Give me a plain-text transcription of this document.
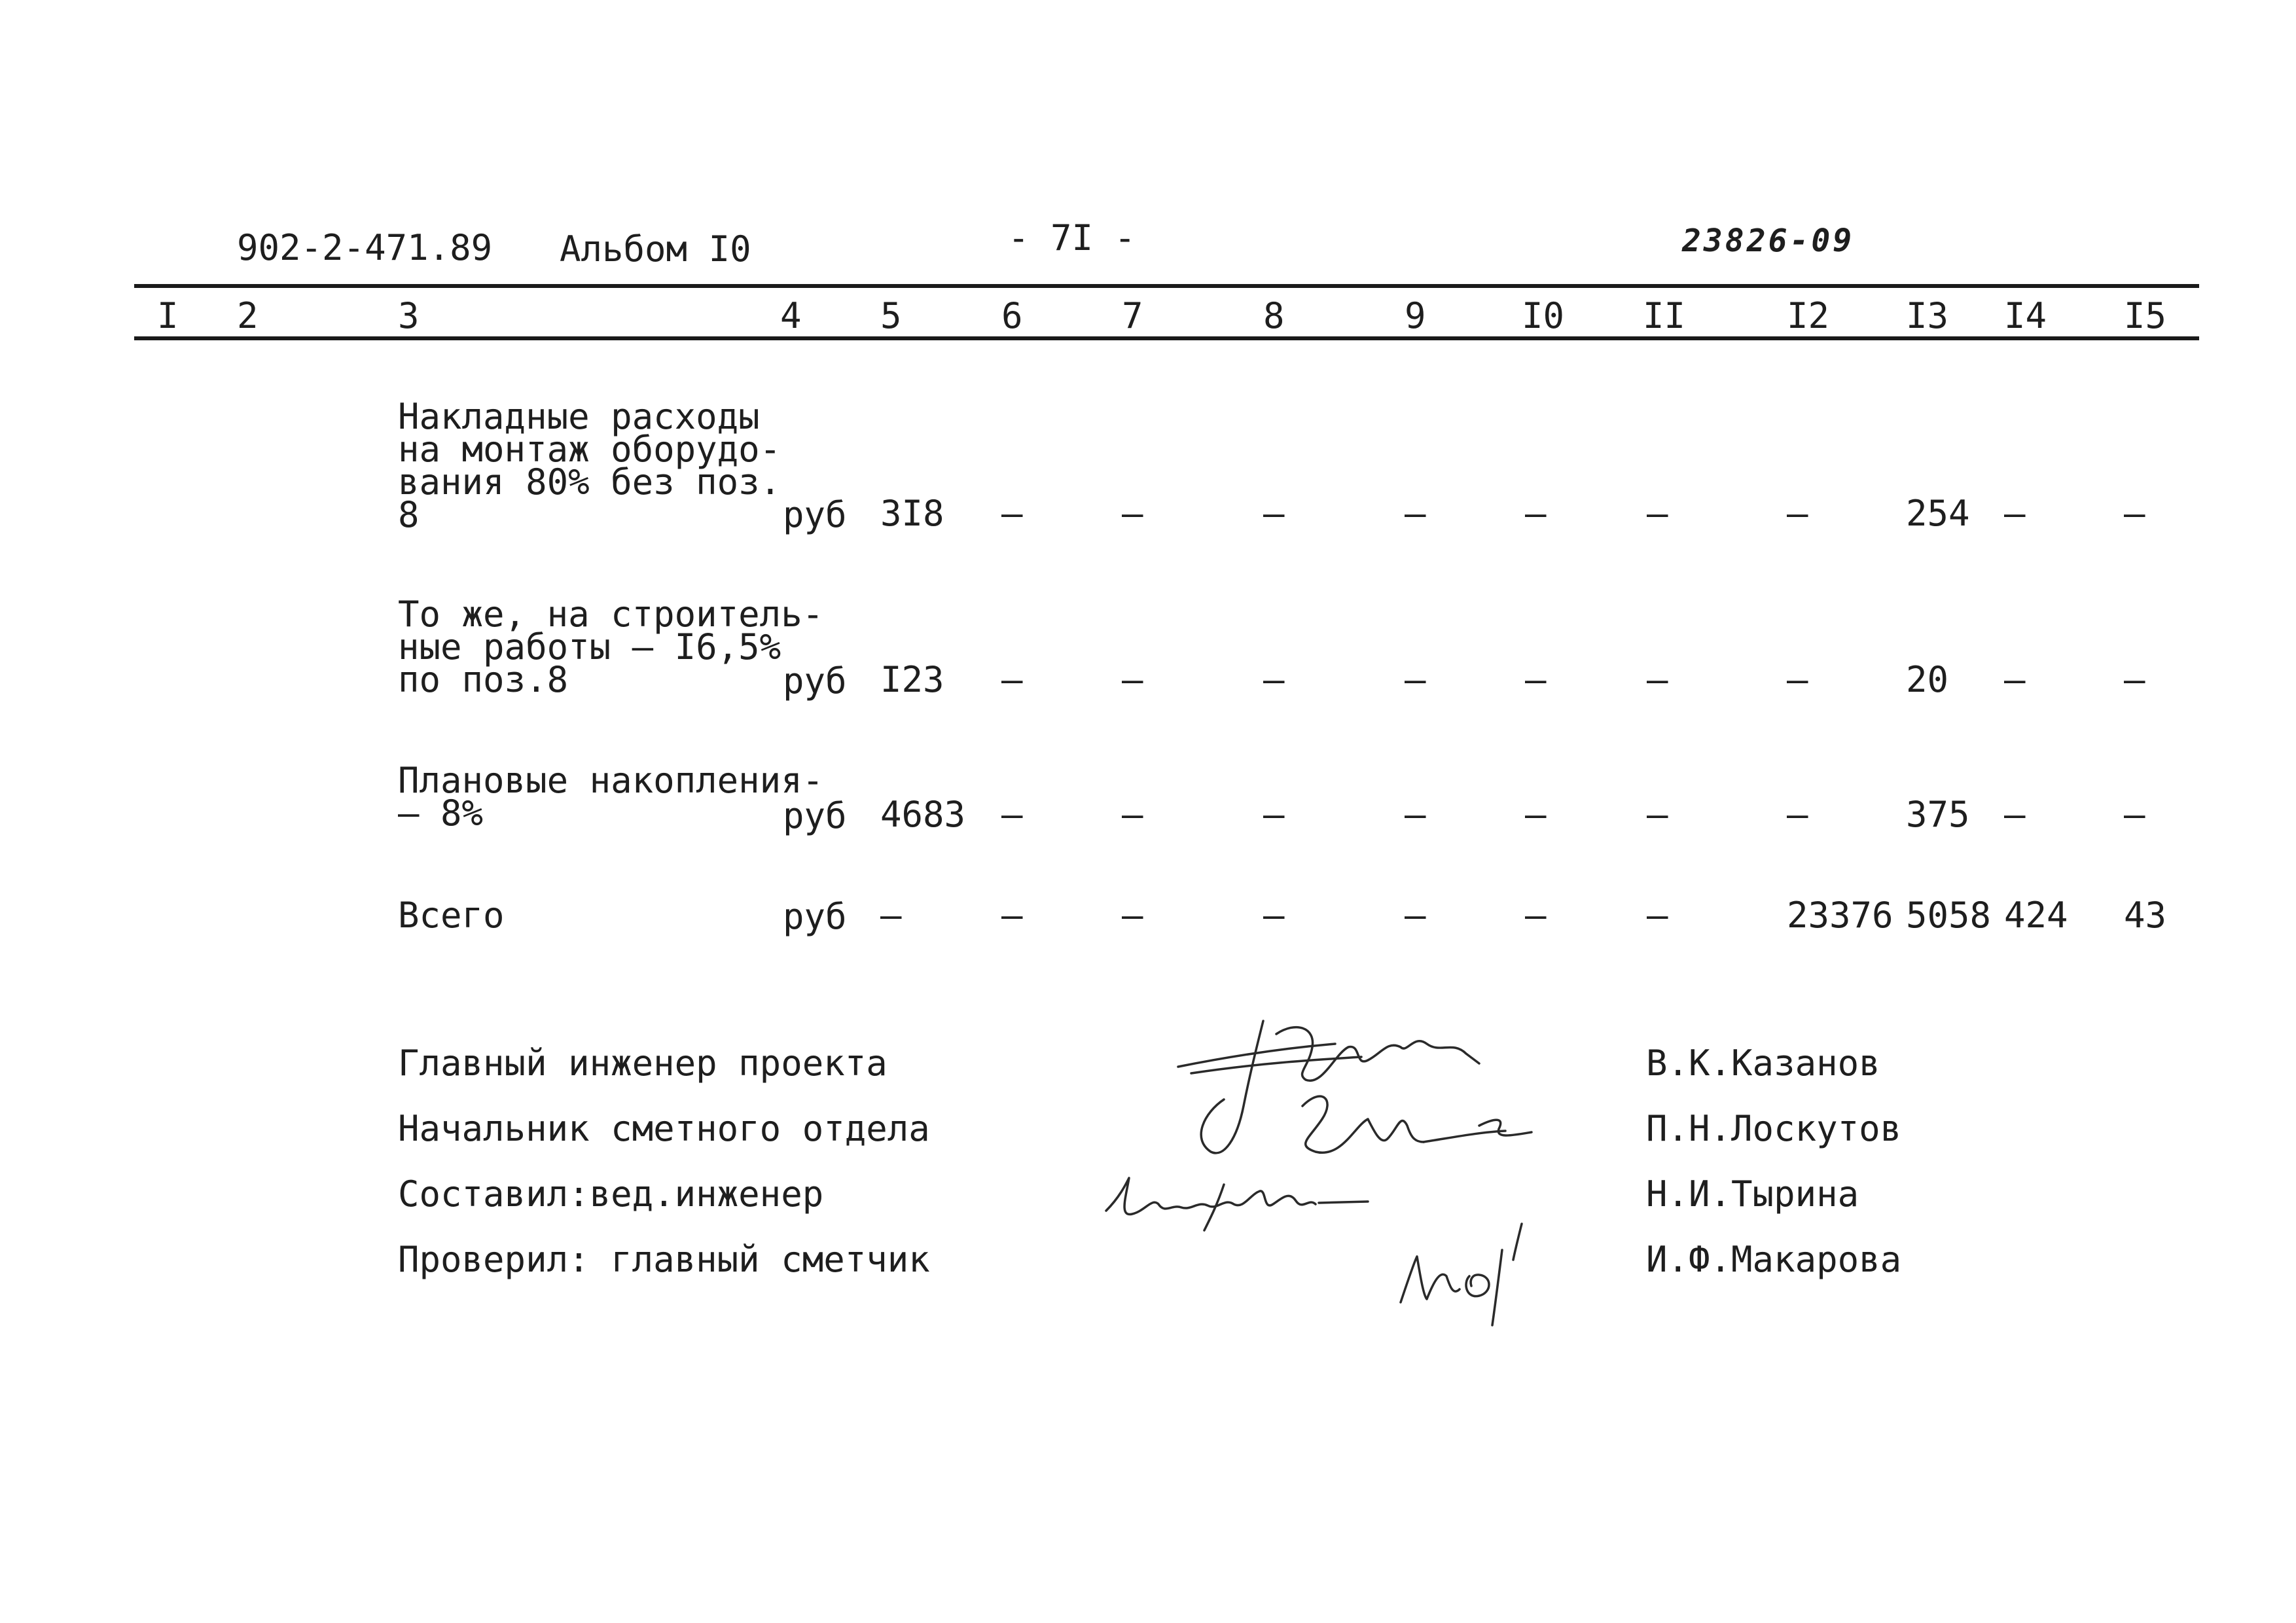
902-2-471.89 Альбом I0	- 7I -	23826-09
I 2	3	4 5	6	7	8	9	I0 II	I2 I3 I4 I5
Накладные расходы
на монтаж оборудо-
вания 80% без поз.
8	руб 3I8 –	–	–	–	–	–	–	254 –	–
То же, на строитель-
ные работы – I6,5%
по поз.8	руб I23 –	–	–	–	–	–	–	20 –	–
Плановые накопления-
– 8%	руб 4683 –	–	–	–	–	–	–	375 –	–
Всего	руб –	–	–	–	–	–	–	23376 5058 424 43
Главный инженер проекта	В.К.Казанов
Начальник сметного отдела	П.Н.Лоскутов
Составил:вед.инженер	Н.И.Тырина
Проверил: главный сметчик	И.Ф.Макарова
